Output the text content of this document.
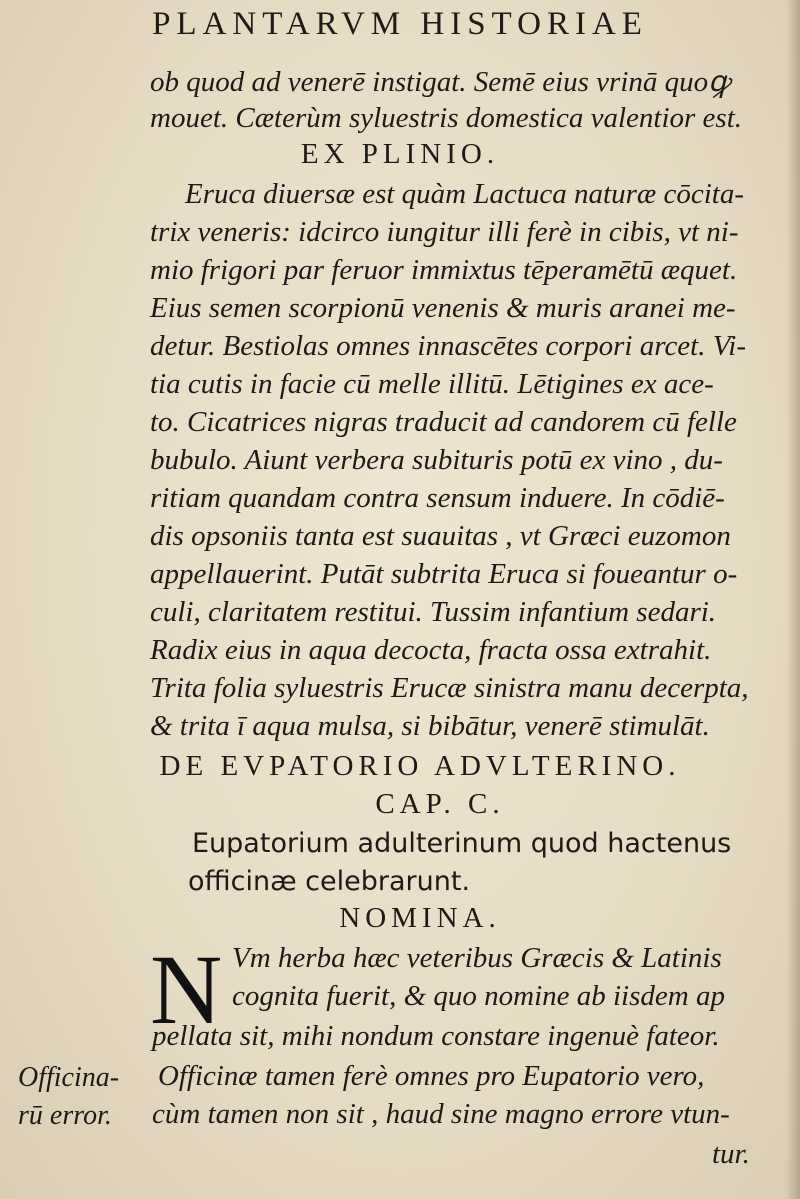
PLANTARVM HISTORIAE
ob quod ad venerē instigat. Semē eius vrinā quoꝙ
mouet. Cæterùm syluestris domestica valentior est.
EX PLINIO.
Eruca diuersæ est quàm Lactuca naturæ cōcita-
trix veneris: idcirco iungitur illi ferè in cibis, vt ni-
mio frigori par feruor immixtus tēperamētū æquet.
Eius semen scorpionū venenis & muris aranei me-
detur. Bestiolas omnes innascētes corpori arcet. Vi-
tia cutis in facie cū melle illitū. Lētigines ex ace-
to. Cicatrices nigras traducit ad candorem cū felle
bubulo. Aiunt verbera subituris potū ex vino , du-
ritiam quandam contra sensum induere. In cōdiē-
dis opsoniis tanta est suauitas , vt Græci euzomon
appellauerint. Putāt subtrita Eruca si foueantur o-
culi, claritatem restitui. Tussim infantium sedari.
Radix eius in aqua decocta, fracta ossa extrahit.
Trita folia syluestris Erucæ sinistra manu decerpta,
& trita ī aqua mulsa, si bibātur, venerē stimulāt.
DE EVPATORIO ADVLTERINO.
CAP. C.
Eupatorium adulterinum quod hactenus
officinæ celebrarunt.
NOMINA.
N Vm herba hæc veteribus Græcis & Latinis
cognita fuerit, & quo nomine ab iisdem ap
pellata sit, mihi nondum constare ingenuè fateor.
Officinæ tamen ferè omnes pro Eupatorio vero,
cùm tamen non sit , haud sine magno errore vtun-
tur.
Officina-
rū error.
